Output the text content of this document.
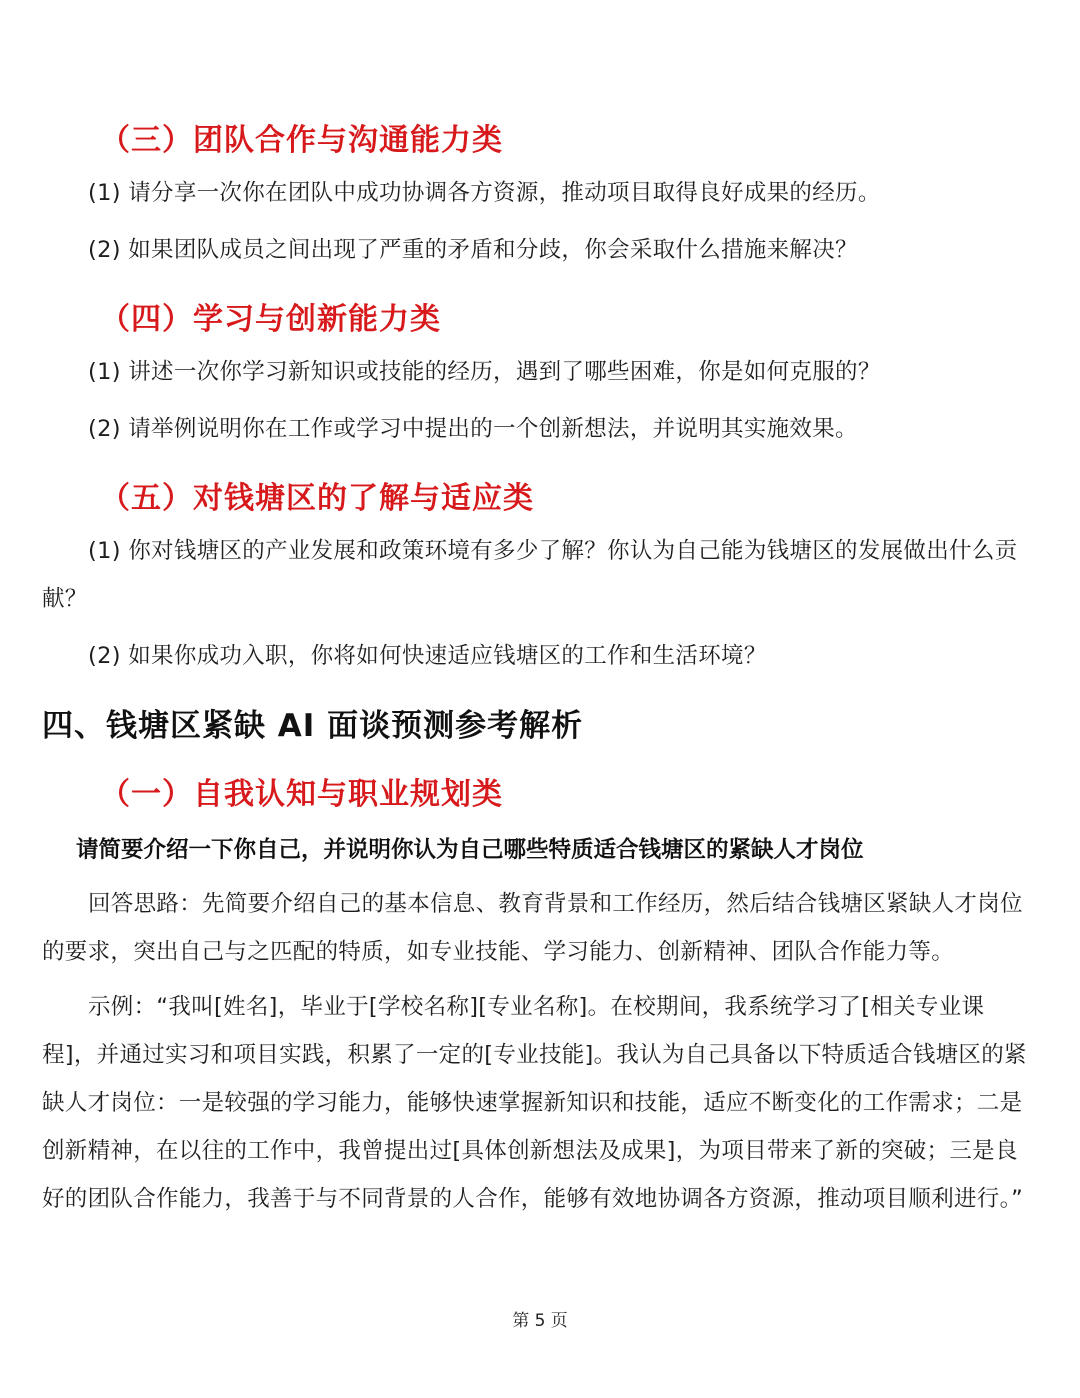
（三）团队合作与沟通能力类
(1) 请分享一次你在团队中成功协调各方资源，推动项目取得良好成果的经历。
(2) 如果团队成员之间出现了严重的矛盾和分歧，你会采取什么措施来解决？
（四）学习与创新能力类
(1) 讲述一次你学习新知识或技能的经历，遇到了哪些困难，你是如何克服的？
(2) 请举例说明你在工作或学习中提出的一个创新想法，并说明其实施效果。
（五）对钱塘区的了解与适应类
(1) 你对钱塘区的产业发展和政策环境有多少了解？你认为自己能为钱塘区的发展做出什么贡献？
(2) 如果你成功入职，你将如何快速适应钱塘区的工作和生活环境？
四、钱塘区紧缺 AI 面谈预测参考解析
（一）自我认知与职业规划类
请简要介绍一下你自己，并说明你认为自己哪些特质适合钱塘区的紧缺人才岗位
回答思路：先简要介绍自己的基本信息、教育背景和工作经历，然后结合钱塘区紧缺人才岗位的要求，突出自己与之匹配的特质，如专业技能、学习能力、创新精神、团队合作能力等。
示例：“我叫[姓名]，毕业于[学校名称][专业名称]。在校期间，我系统学习了[相关专业课程]，并通过实习和项目实践，积累了一定的[专业技能]。我认为自己具备以下特质适合钱塘区的紧缺人才岗位：一是较强的学习能力，能够快速掌握新知识和技能，适应不断变化的工作需求；二是创新精神，在以往的工作中，我曾提出过[具体创新想法及成果]，为项目带来了新的突破；三是良好的团队合作能力，我善于与不同背景的人合作，能够有效地协调各方资源，推动项目顺利进行。”
第 5 页
